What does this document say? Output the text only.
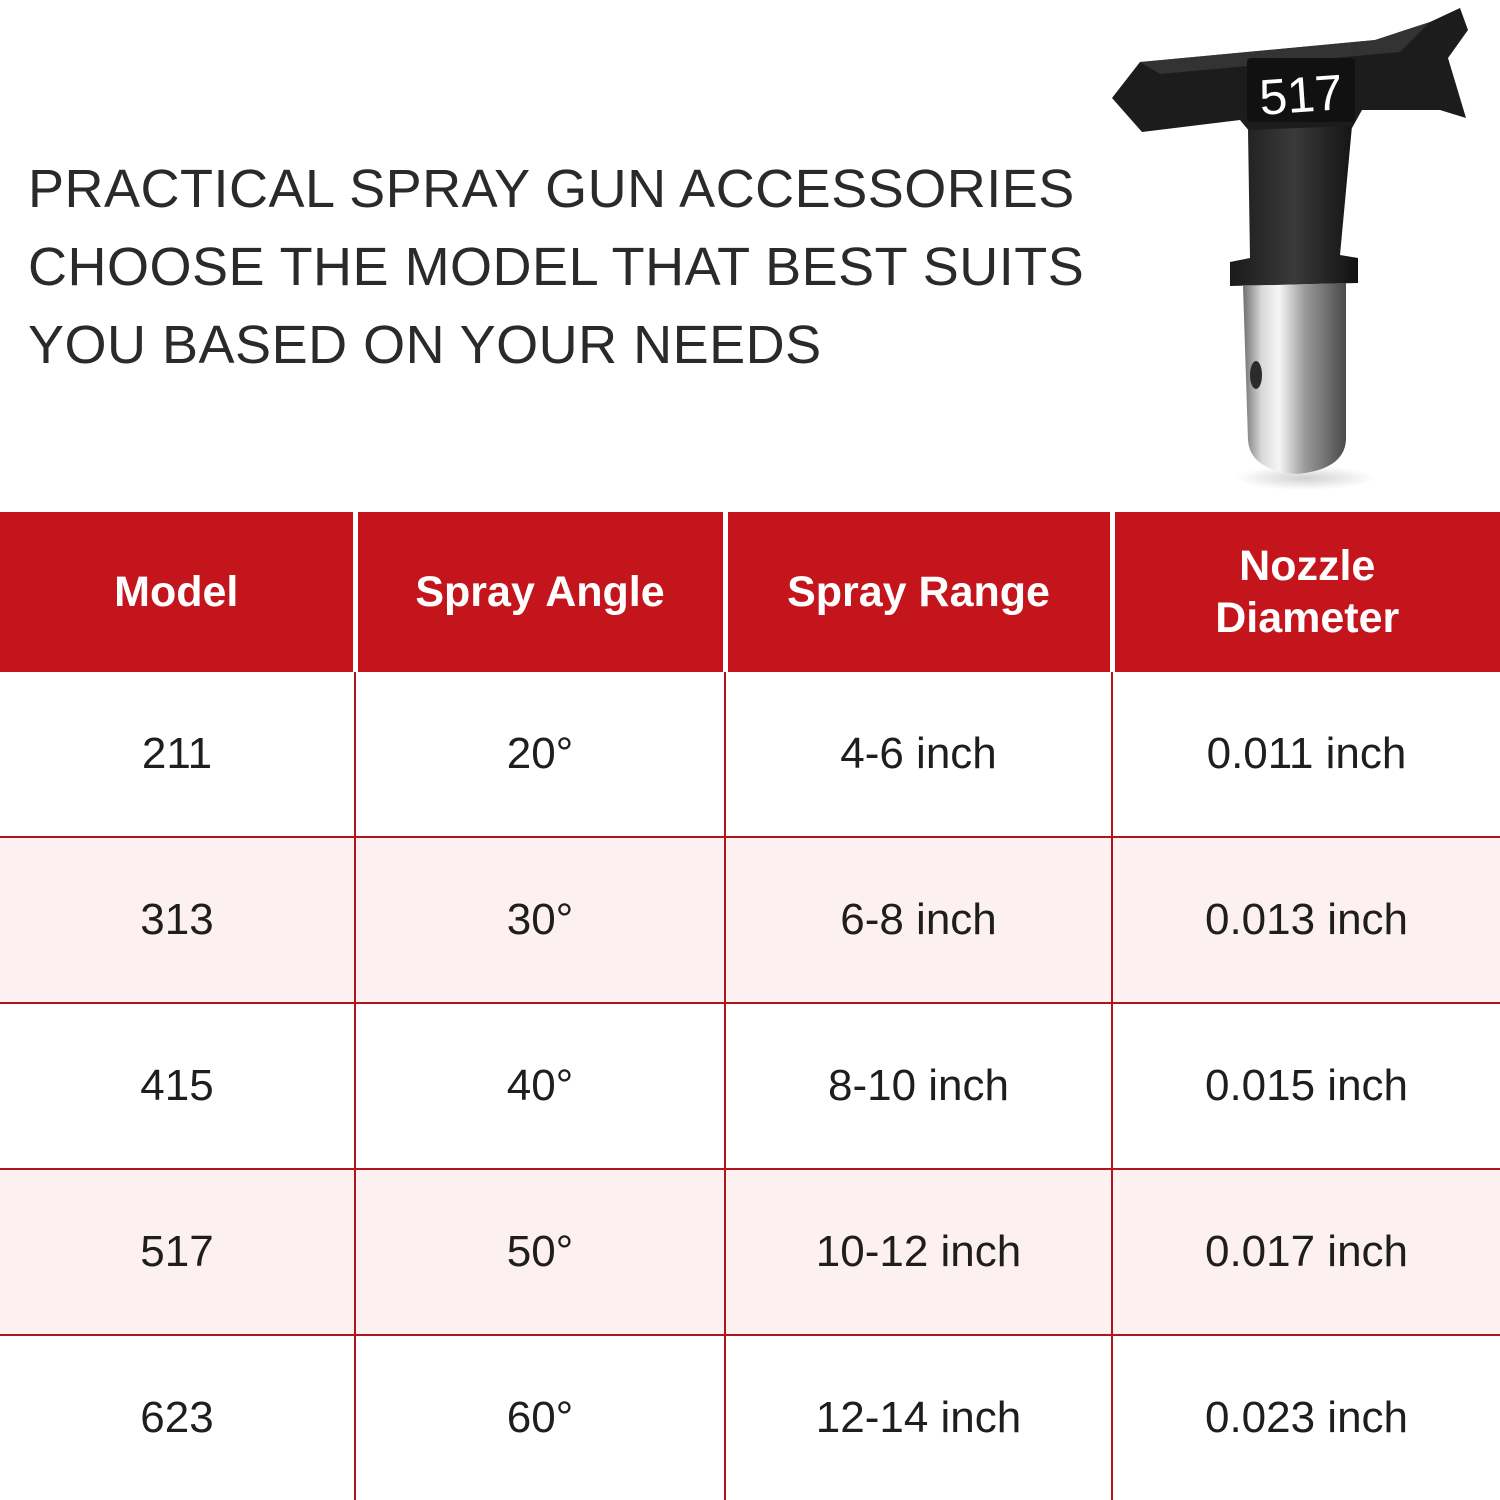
PRACTICAL SPRAY GUN ACCESSORIES
CHOOSE THE MODEL THAT BEST SUITS
YOU BASED ON YOUR NEEDS
517
Model	Spray Angle	Spray Range	Nozzle
Diameter
211	20°	4-6 inch	0.011 inch
313	30°	6-8 inch	0.013 inch
415	40°	8-10 inch	0.015 inch
517	50°	10-12 inch	0.017 inch
623	60°	12-14 inch	0.023 inch
